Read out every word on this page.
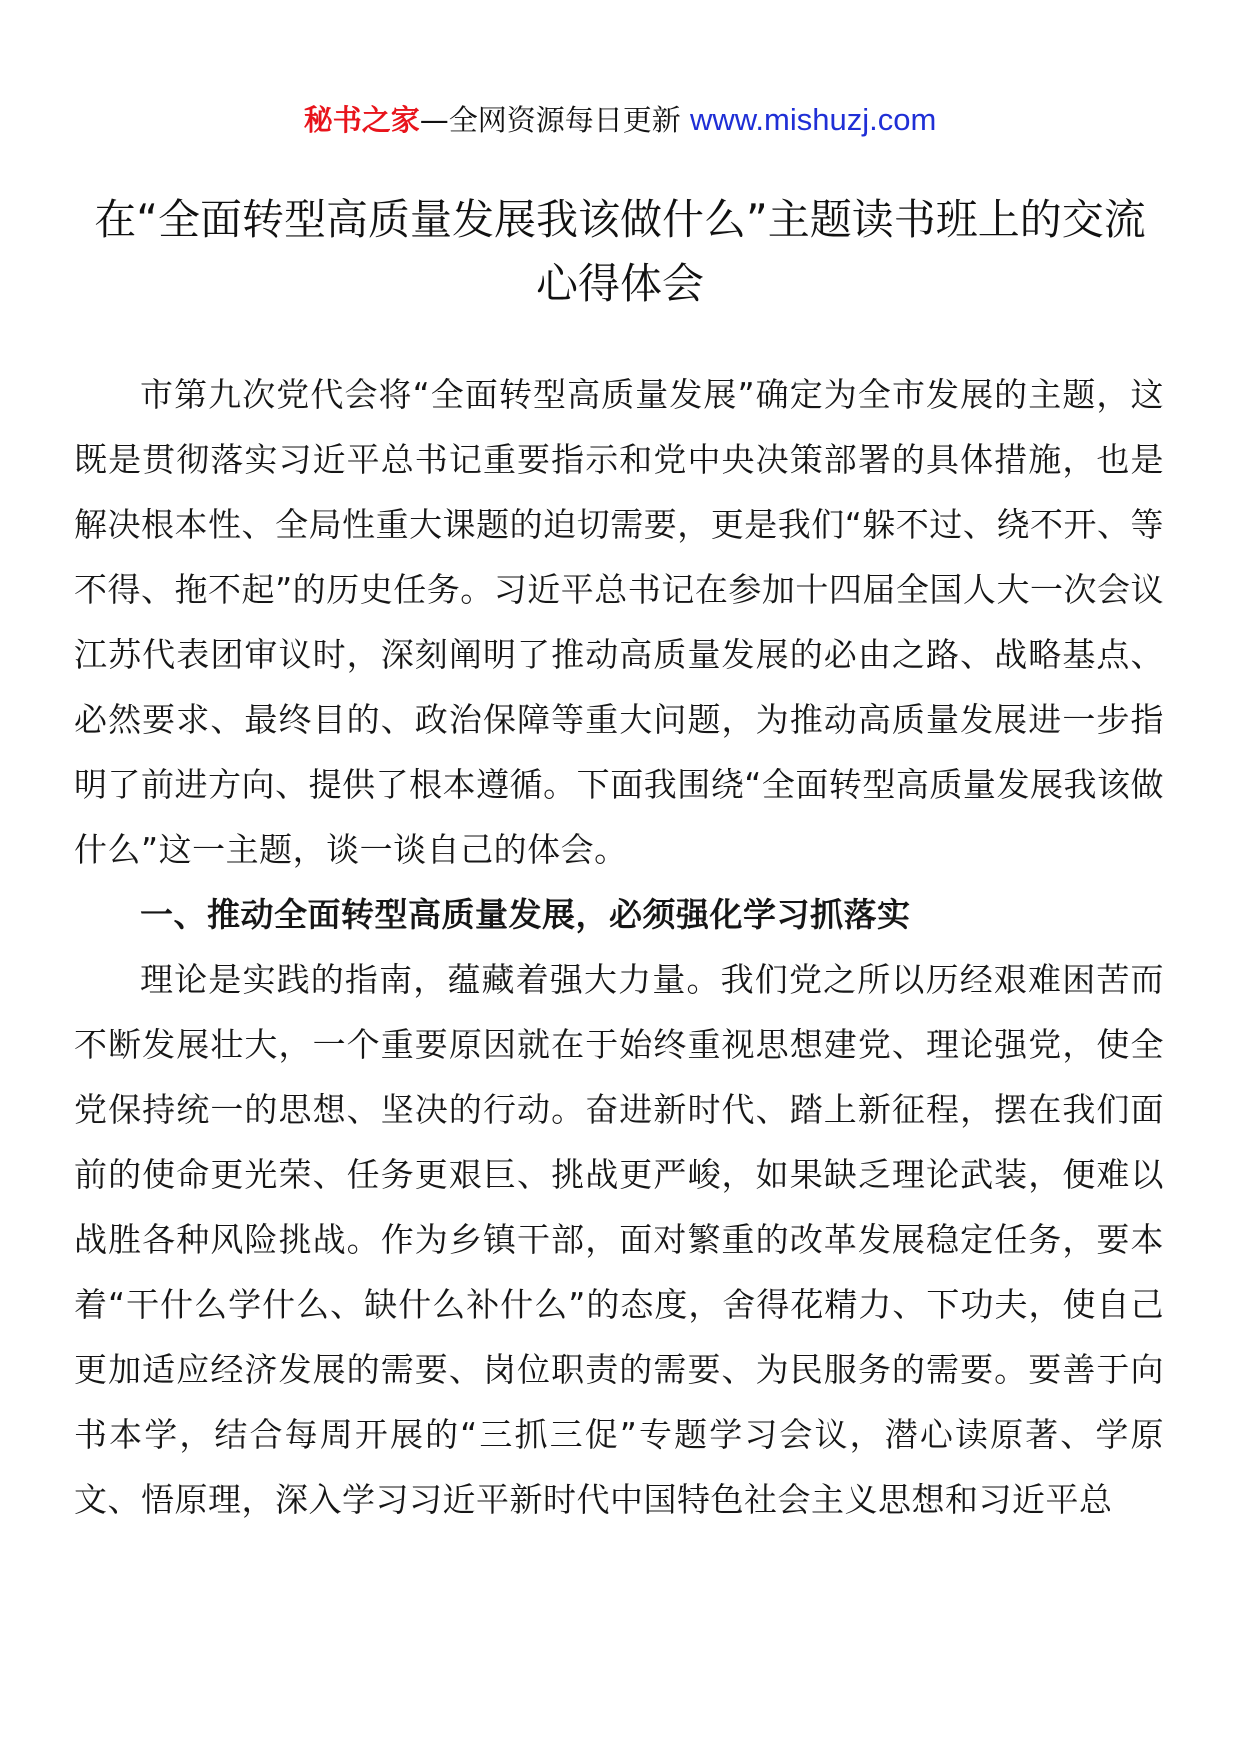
秘书之家—全网资源每日更新 www.mishuzj.com
在“全面转型高质量发展我该做什么”主题读书班上的交流心得体会

市第九次党代会将“全面转型高质量发展”确定为全市发展的主题，这既是贯彻落实习近平总书记重要指示和党中央决策部署的具体措施，也是解决根本性、全局性重大课题的迫切需要，更是我们“躲不过、绕不开、等不得、拖不起”的历史任务。习近平总书记在参加十四届全国人大一次会议江苏代表团审议时，深刻阐明了推动高质量发展的必由之路、战略基点、必然要求、最终目的、政治保障等重大问题，为推动高质量发展进一步指明了前进方向、提供了根本遵循。下面我围绕“全面转型高质量发展我该做什么”这一主题，谈一谈自己的体会。

一、推动全面转型高质量发展，必须强化学习抓落实

理论是实践的指南，蕴藏着强大力量。我们党之所以历经艰难困苦而不断发展壮大，一个重要原因就在于始终重视思想建党、理论强党，使全党保持统一的思想、坚决的行动。奋进新时代、踏上新征程，摆在我们面前的使命更光荣、任务更艰巨、挑战更严峻，如果缺乏理论武装，便难以战胜各种风险挑战。作为乡镇干部，面对繁重的改革发展稳定任务，要本着“干什么学什么、缺什么补什么”的态度，舍得花精力、下功夫，使自己更加适应经济发展的需要、岗位职责的需要、为民服务的需要。要善于向书本学，结合每周开展的“三抓三促”专题学习会议，潜心读原著、学原文、悟原理，深入学习习近平新时代中国特色社会主义思想和习近平总
